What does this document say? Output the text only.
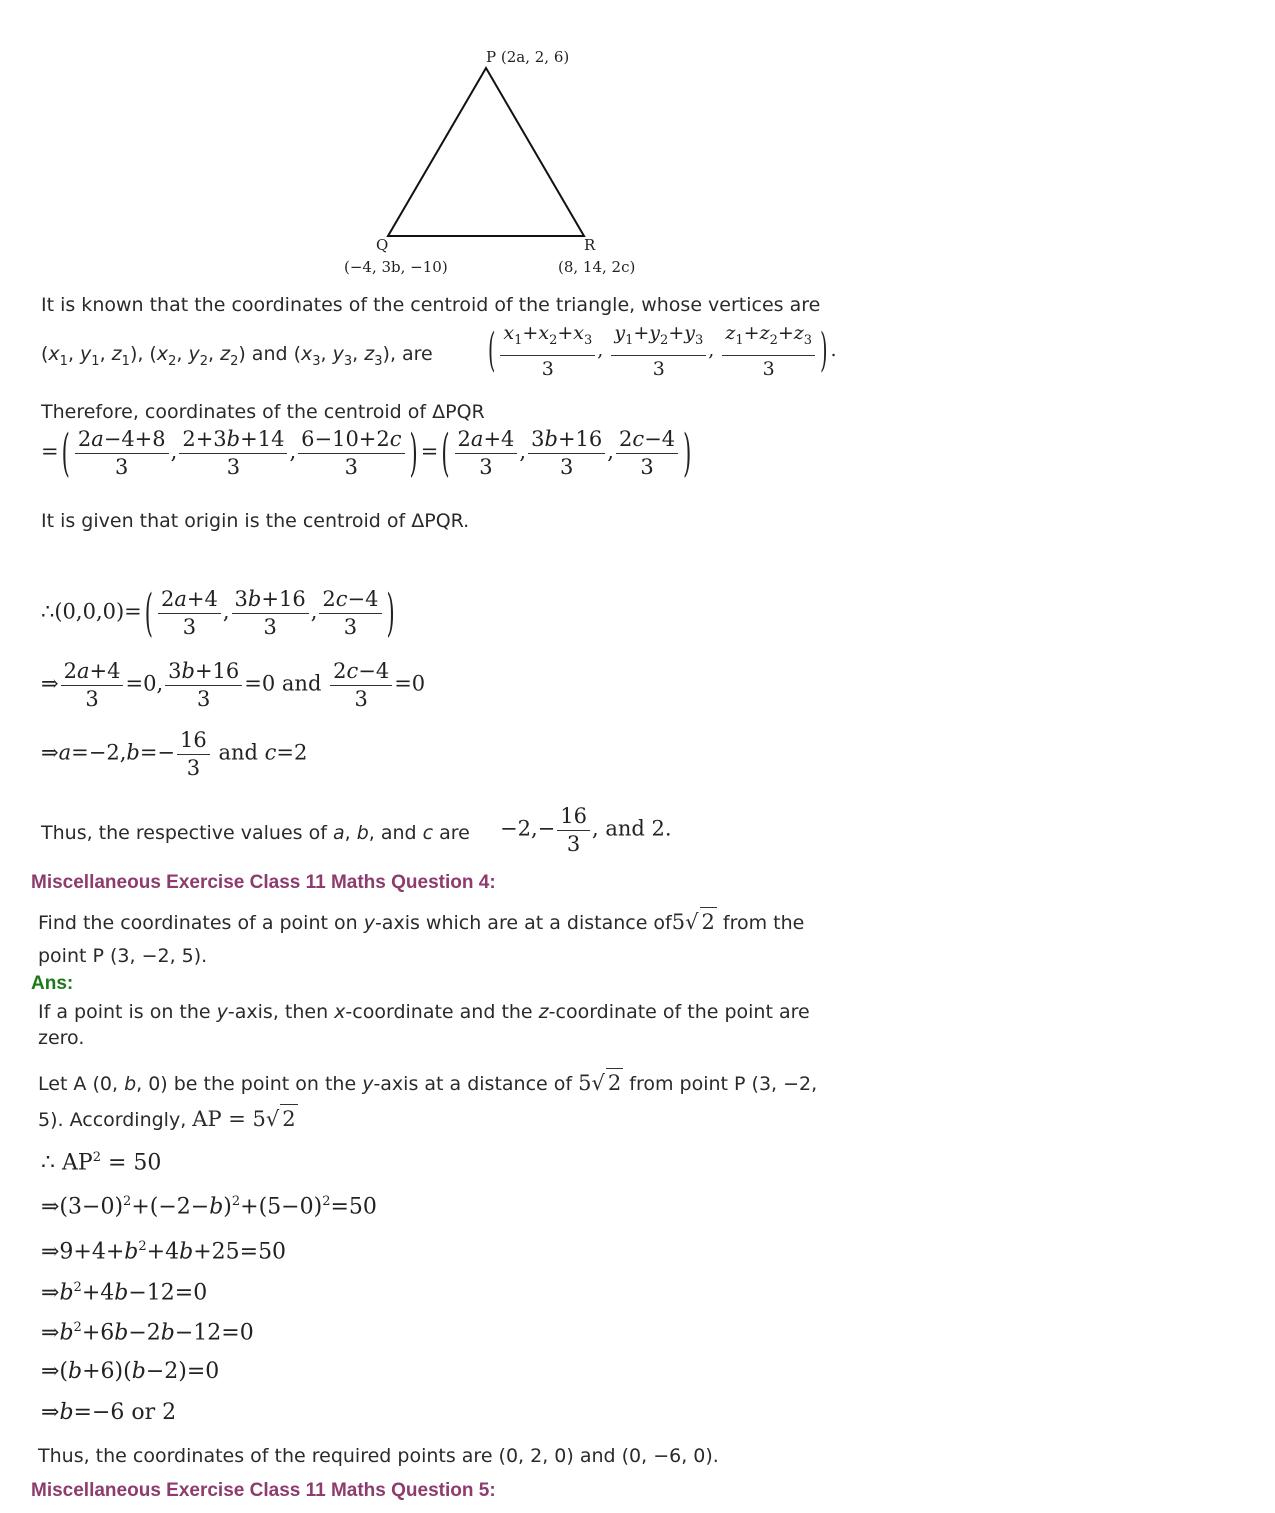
P (2a, 2, 6)
Q
(−4, 3b, −10)
R
(8, 14, 2c)
It is known that the coordinates of the centroid of the triangle, whose vertices are
($x_1$, $y_1$, $z_1$), ($x_2$, $y_2$, $z_2$) and ($x_3$, $y_3$, $z_3$), are	( $\frac{x_1+x_2+x_3}{3}$ , $\frac{y_1+y_2+y_3}{3}$ , $\frac{z_1+z_2+z_3}{3}$ ) .
Therefore, coordinates of the centroid of ΔPQR
= ( $\frac{2a-4+8}{3}$ , $\frac{2+3b+14}{3}$ , $\frac{6-10+2c}{3}$ ) = ( $\frac{2a+4}{3}$ , $\frac{3b+16}{3}$ , $\frac{2c-4}{3}$ )
It is given that origin is the centroid of ΔPQR.
∴(0,0,0)= ( $\frac{2a+4}{3}$ , $\frac{3b+16}{3}$ , $\frac{2c-4}{3}$ )
⇒ $\frac{2a+4}{3} =0$, $\frac{3b+16}{3} =0$ and $\frac{2c-4}{3} =0$
⇒a=−2,b=− $\frac{16}{3}$ and c=2
Thus, the respective values of a, b, and c are $-2,- \frac{16}{3}$ , and 2.
Miscellaneous Exercise Class 11 Maths Question 4:
Find the coordinates of a point on y-axis which are at a distance of5√ 2 from the
point P (3, −2, 5).
Ans:
If a point is on the y-axis, then x-coordinate and the z-coordinate of the point are
zero.
Let A (0, b, 0) be the point on the y-axis at a distance of 5√ 2 from point P (3, −2,
5). Accordingly, AP = 5√ 2
∴ $AP^2 = 50$
$\Rightarrow(3-0)^2+(-2-b)^2+(5-0)^2=50$
$\Rightarrow 9+4+b^2+4b+25=50$
$\Rightarrow b^2+4b-12=0$
$\Rightarrow b^2+6b-2b-12=0$
⇒(b+6)(b−2)=0
⇒b=−6 or 2
Thus, the coordinates of the required points are (0, 2, 0) and (0, −6, 0).
Miscellaneous Exercise Class 11 Maths Question 5:
